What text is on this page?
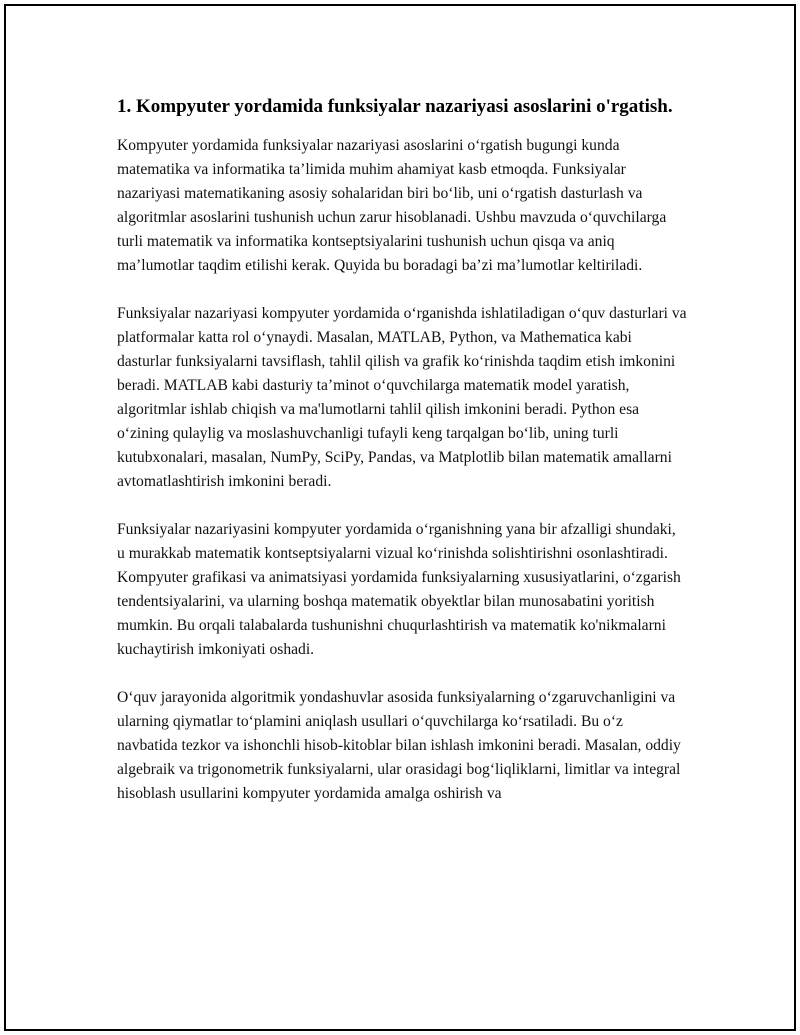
1. Kompyuter yordamida funksiyalar nazariyasi asoslarini o'rgatish.

Kompyuter yordamida funksiyalar nazariyasi asoslarini o‘rgatish bugungi kunda matematika va informatika ta’limida muhim ahamiyat kasb etmoqda. Funksiyalar nazariyasi matematikaning asosiy sohalaridan biri bo‘lib, uni o‘rgatish dasturlash va algoritmlar asoslarini tushunish uchun zarur hisoblanadi. Ushbu mavzuda o‘quvchilarga turli matematik va informatika kontseptsiyalarini tushunish uchun qisqa va aniq ma’lumotlar taqdim etilishi kerak. Quyida bu boradagi ba’zi ma’lumotlar keltiriladi.

Funksiyalar nazariyasi kompyuter yordamida o‘rganishda ishlatiladigan o‘quv dasturlari va platformalar katta rol o‘ynaydi. Masalan, MATLAB, Python, va Mathematica kabi dasturlar funksiyalarni tavsiflash, tahlil qilish va grafik ko‘rinishda taqdim etish imkonini beradi. MATLAB kabi dasturiy ta’minot o‘quvchilarga matematik model yaratish, algoritmlar ishlab chiqish va ma'lumotlarni tahlil qilish imkonini beradi. Python esa o‘zining qulaylig va moslashuvchanligi tufayli keng tarqalgan bo‘lib, uning turli kutubxonalari, masalan, NumPy, SciPy, Pandas, va Matplotlib bilan matematik amallarni avtomatlashtirish imkonini beradi.

Funksiyalar nazariyasini kompyuter yordamida o‘rganishning yana bir afzalligi shundaki, u murakkab matematik kontseptsiyalarni vizual ko‘rinishda solishtirishni osonlashtiradi. Kompyuter grafikasi va animatsiyasi yordamida funksiyalarning xususiyatlarini, o‘zgarish tendentsiyalarini, va ularning boshqa matematik obyektlar bilan munosabatini yoritish mumkin. Bu orqali talabalarda tushunishni chuqurlashtirish va matematik ko'nikmalarni kuchaytirish imkoniyati oshadi.

O‘quv jarayonida algoritmik yondashuvlar asosida funksiyalarning o‘zgaruvchanligini va ularning qiymatlar to‘plamini aniqlash usullari o‘quvchilarga ko‘rsatiladi. Bu o‘z navbatida tezkor va ishonchli hisob-kitoblar bilan ishlash imkonini beradi. Masalan, oddiy algebraik va trigonometrik funksiyalarni, ular orasidagi bog‘liqliklarni, limitlar va integral hisoblash usullarini kompyuter yordamida amalga oshirish va
